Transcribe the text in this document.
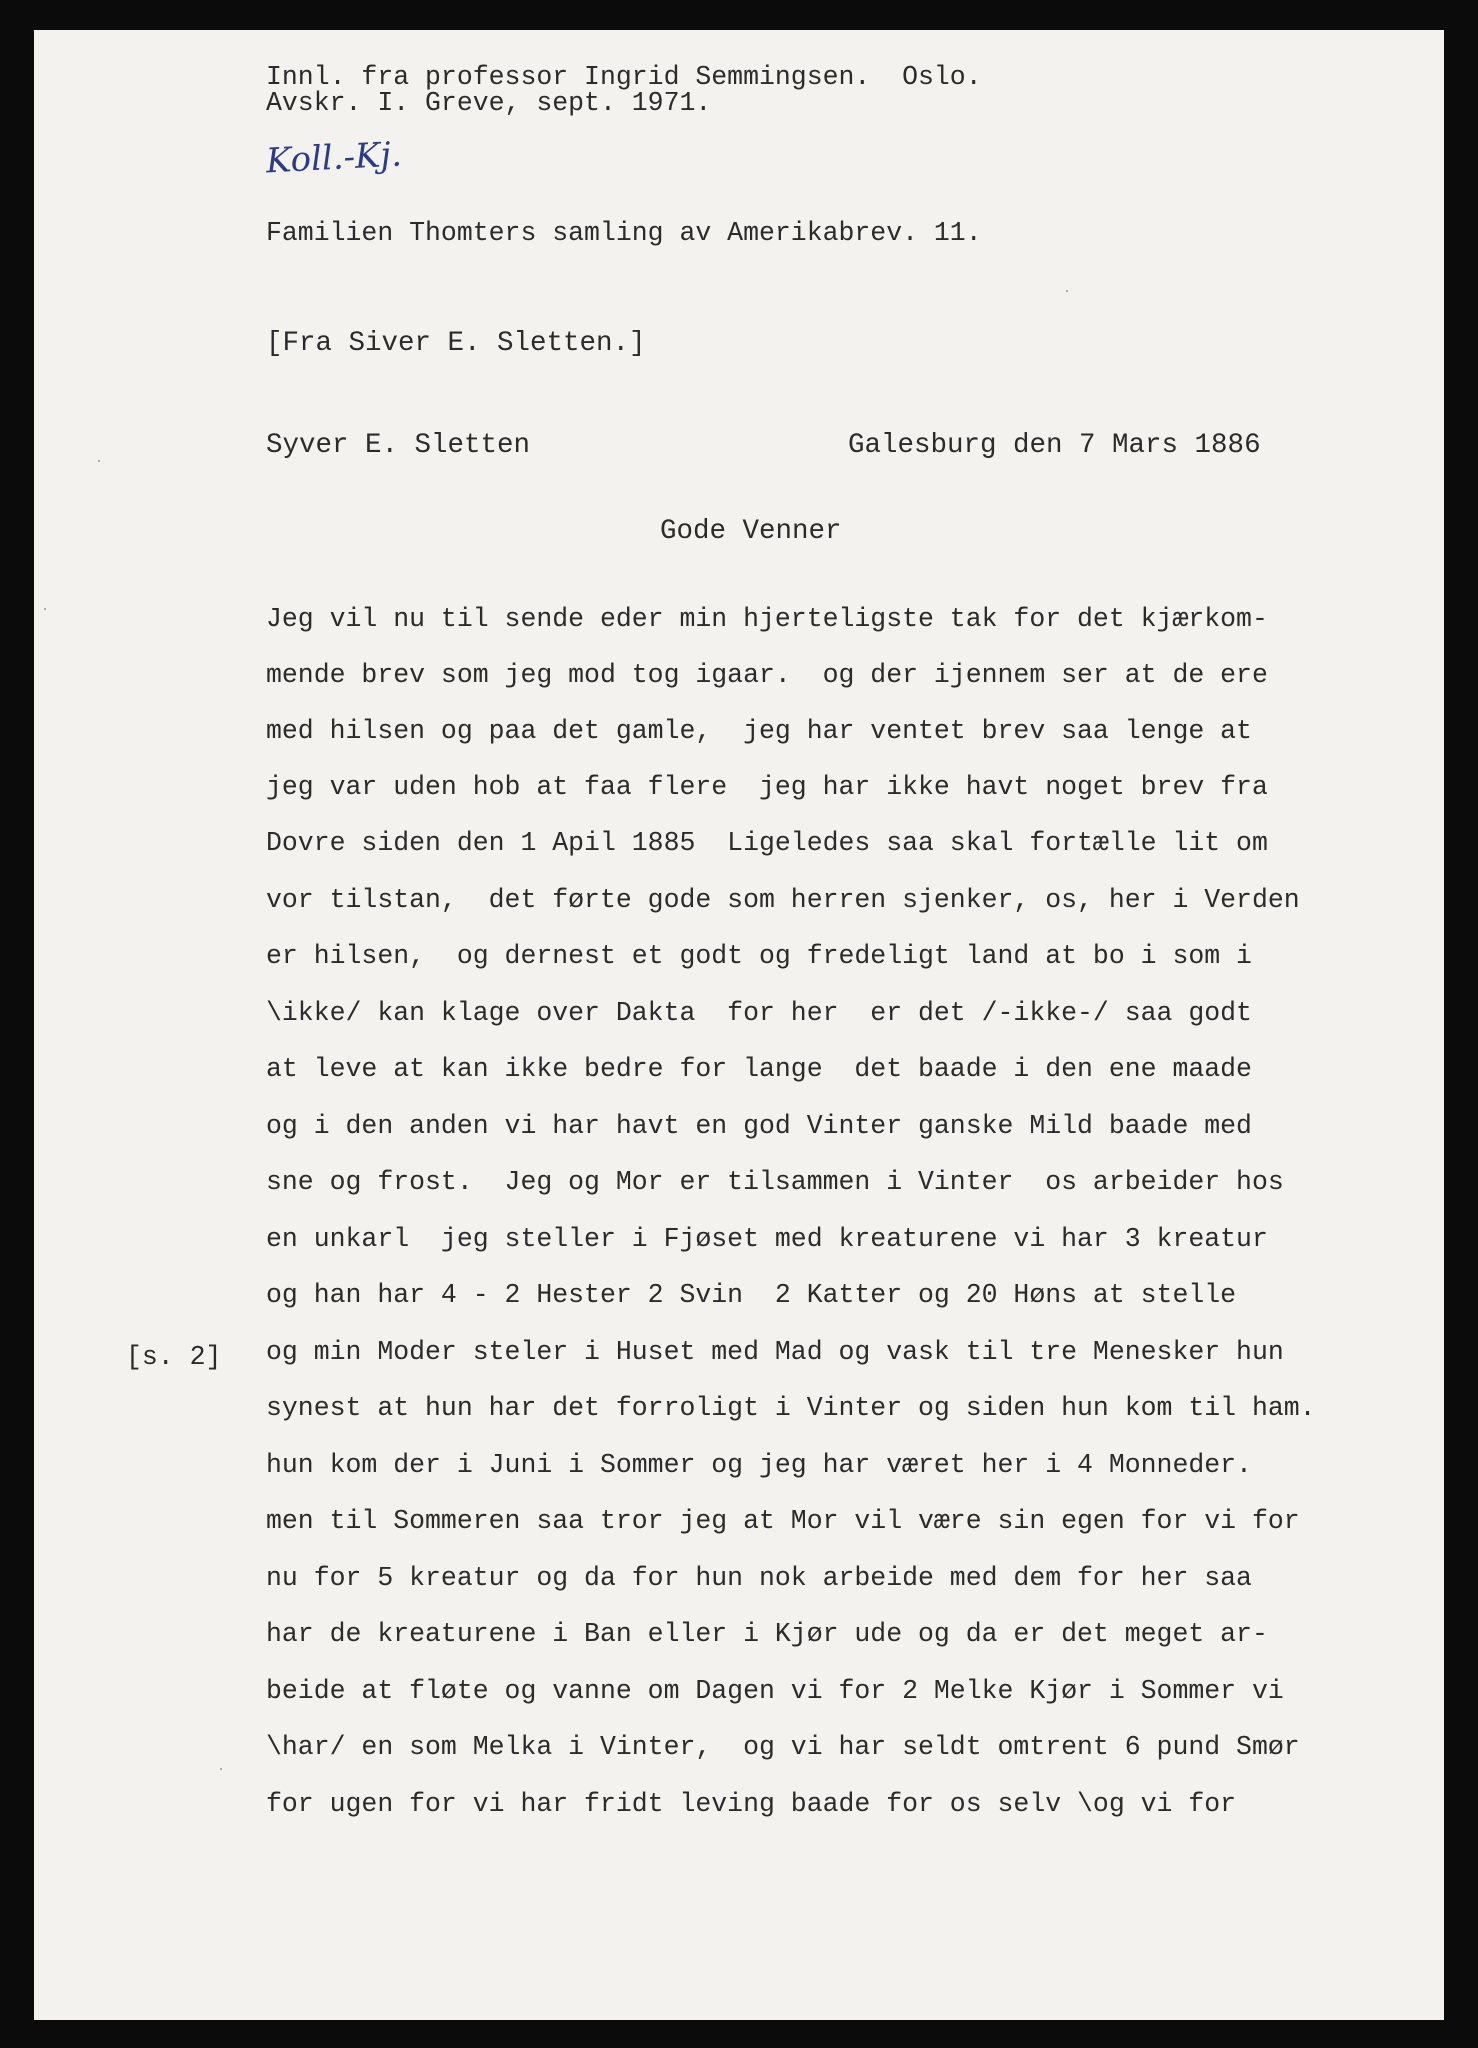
Innl. fra professor Ingrid Semmingsen.  Oslo.
Avskr. I. Greve, sept. 1971.
Koll.-Kj.
Familien Thomters samling av Amerikabrev. 11.
[Fra Siver E. Sletten.]
Syver E. Sletten	Galesburg den 7 Mars 1886
Gode Venner
[s. 2]
Jeg vil nu til sende eder min hjerteligste tak for det kjærkom-
mende brev som jeg mod tog igaar.  og der ijennem ser at de ere
med hilsen og paa det gamle,  jeg har ventet brev saa lenge at
jeg var uden hob at faa flere  jeg har ikke havt noget brev fra
Dovre siden den 1 Apil 1885  Ligeledes saa skal fortælle lit om
vor tilstan,  det førte gode som herren sjenker, os, her i Verden
er hilsen,  og dernest et godt og fredeligt land at bo i som i
\ikke/ kan klage over Dakta  for her  er det /-ikke-/ saa godt
at leve at kan ikke bedre for lange  det baade i den ene maade
og i den anden vi har havt en god Vinter ganske Mild baade med
sne og frost.  Jeg og Mor er tilsammen i Vinter  os arbeider hos
en unkarl  jeg steller i Fjøset med kreaturene vi har 3 kreatur
og han har 4 - 2 Hester 2 Svin  2 Katter og 20 Høns at stelle
og min Moder steler i Huset med Mad og vask til tre Menesker hun
synest at hun har det forroligt i Vinter og siden hun kom til ham.
hun kom der i Juni i Sommer og jeg har været her i 4 Monneder.
men til Sommeren saa tror jeg at Mor vil være sin egen for vi for
nu for 5 kreatur og da for hun nok arbeide med dem for her saa
har de kreaturene i Ban eller i Kjør ude og da er det meget ar-
beide at fløte og vanne om Dagen vi for 2 Melke Kjør i Sommer vi
\har/ en som Melka i Vinter,  og vi har seldt omtrent 6 pund Smør
for ugen for vi har fridt leving baade for os selv \og vi for
